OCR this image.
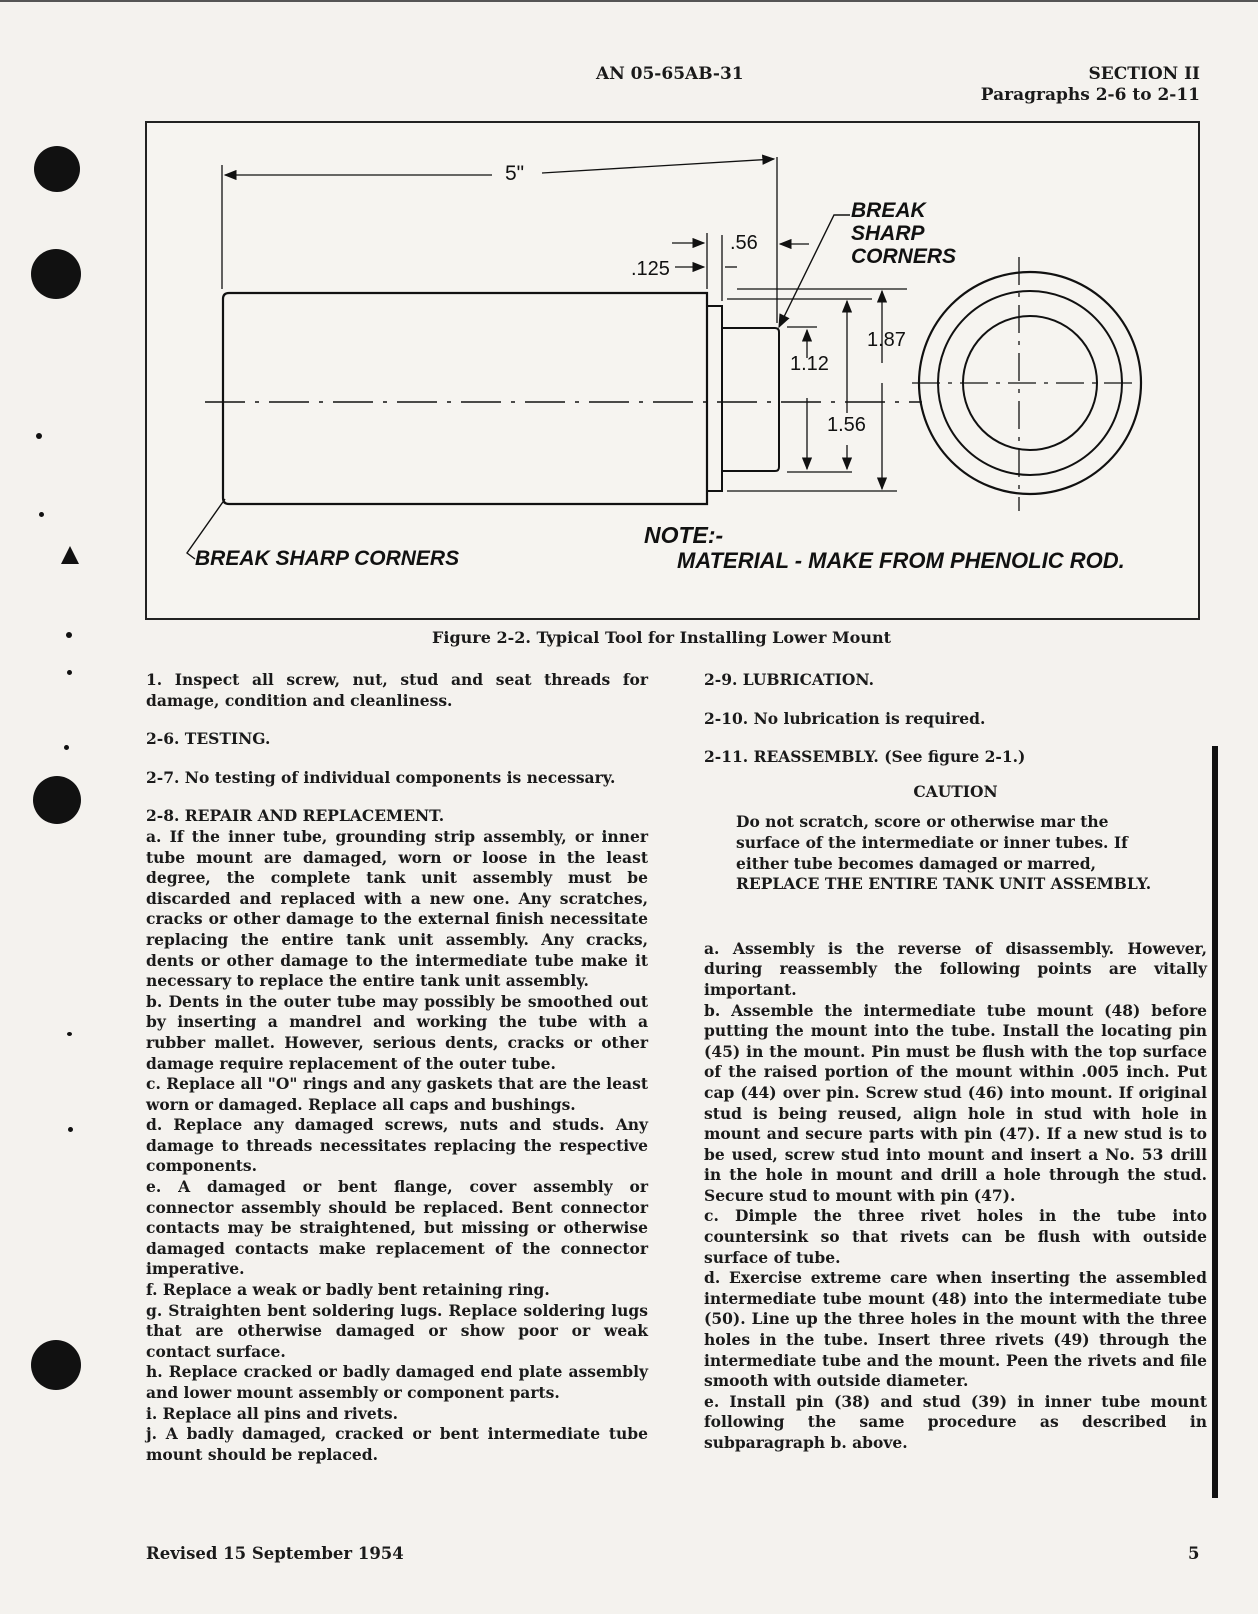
AN 05-65AB-31	SECTION II
Paragraphs 2-6 to 2-11
5"
.56
.125
1.12
1.56
1.87
BREAK
SHARP
CORNERS
BREAK SHARP CORNERS
NOTE:-
MATERIAL - MAKE FROM PHENOLIC ROD.
Figure 2-2. Typical Tool for Installing Lower Mount

1. Inspect all screw, nut, stud and seat threads for damage, condition and cleanliness.

2-6. TESTING.

2-7. No testing of individual components is necessary.

2-8. REPAIR AND REPLACEMENT.

a. If the inner tube, grounding strip assembly, or inner tube mount are damaged, worn or loose in the least degree, the complete tank unit assembly must be discarded and replaced with a new one. Any scratches, cracks or other damage to the external finish necessitate replacing the entire tank unit assembly. Any cracks, dents or other damage to the intermediate tube make it necessary to replace the entire tank unit assembly.

b. Dents in the outer tube may possibly be smoothed out by inserting a mandrel and working the tube with a rubber mallet. However, serious dents, cracks or other damage require replacement of the outer tube.

c. Replace all "O" rings and any gaskets that are the least worn or damaged. Replace all caps and bushings.

d. Replace any damaged screws, nuts and studs. Any damage to threads necessitates replacing the respective components.

e. A damaged or bent flange, cover assembly or connector assembly should be replaced. Bent connector contacts may be straightened, but missing or otherwise damaged contacts make replacement of the connector imperative.

f. Replace a weak or badly bent retaining ring.

g. Straighten bent soldering lugs. Replace soldering lugs that are otherwise damaged or show poor or weak contact surface.

h. Replace cracked or badly damaged end plate assembly and lower mount assembly or component parts.

i. Replace all pins and rivets.

j. A badly damaged, cracked or bent intermediate tube mount should be replaced.

2-9. LUBRICATION.

2-10. No lubrication is required.

2-11. REASSEMBLY. (See figure 2-1.)

CAUTION

Do not scratch, score or otherwise mar the surface of the intermediate or inner tubes. If either tube becomes damaged or marred, REPLACE THE ENTIRE TANK UNIT ASSEMBLY.

a. Assembly is the reverse of disassembly. However, during reassembly the following points are vitally important.

b. Assemble the intermediate tube mount (48) before putting the mount into the tube. Install the locating pin (45) in the mount. Pin must be flush with the top surface of the raised portion of the mount within .005 inch. Put cap (44) over pin. Screw stud (46) into mount. If original stud is being reused, align hole in stud with hole in mount and secure parts with pin (47). If a new stud is to be used, screw stud into mount and insert a No. 53 drill in the hole in mount and drill a hole through the stud. Secure stud to mount with pin (47).

c. Dimple the three rivet holes in the tube into countersink so that rivets can be flush with outside surface of tube.

d. Exercise extreme care when inserting the assembled intermediate tube mount (48) into the intermediate tube (50). Line up the three holes in the mount with the three holes in the tube. Insert three rivets (49) through the intermediate tube and the mount. Peen the rivets and file smooth with outside diameter.

e. Install pin (38) and stud (39) in inner tube mount following the same procedure as described in subparagraph b. above.

Revised 15 September 1954	5
